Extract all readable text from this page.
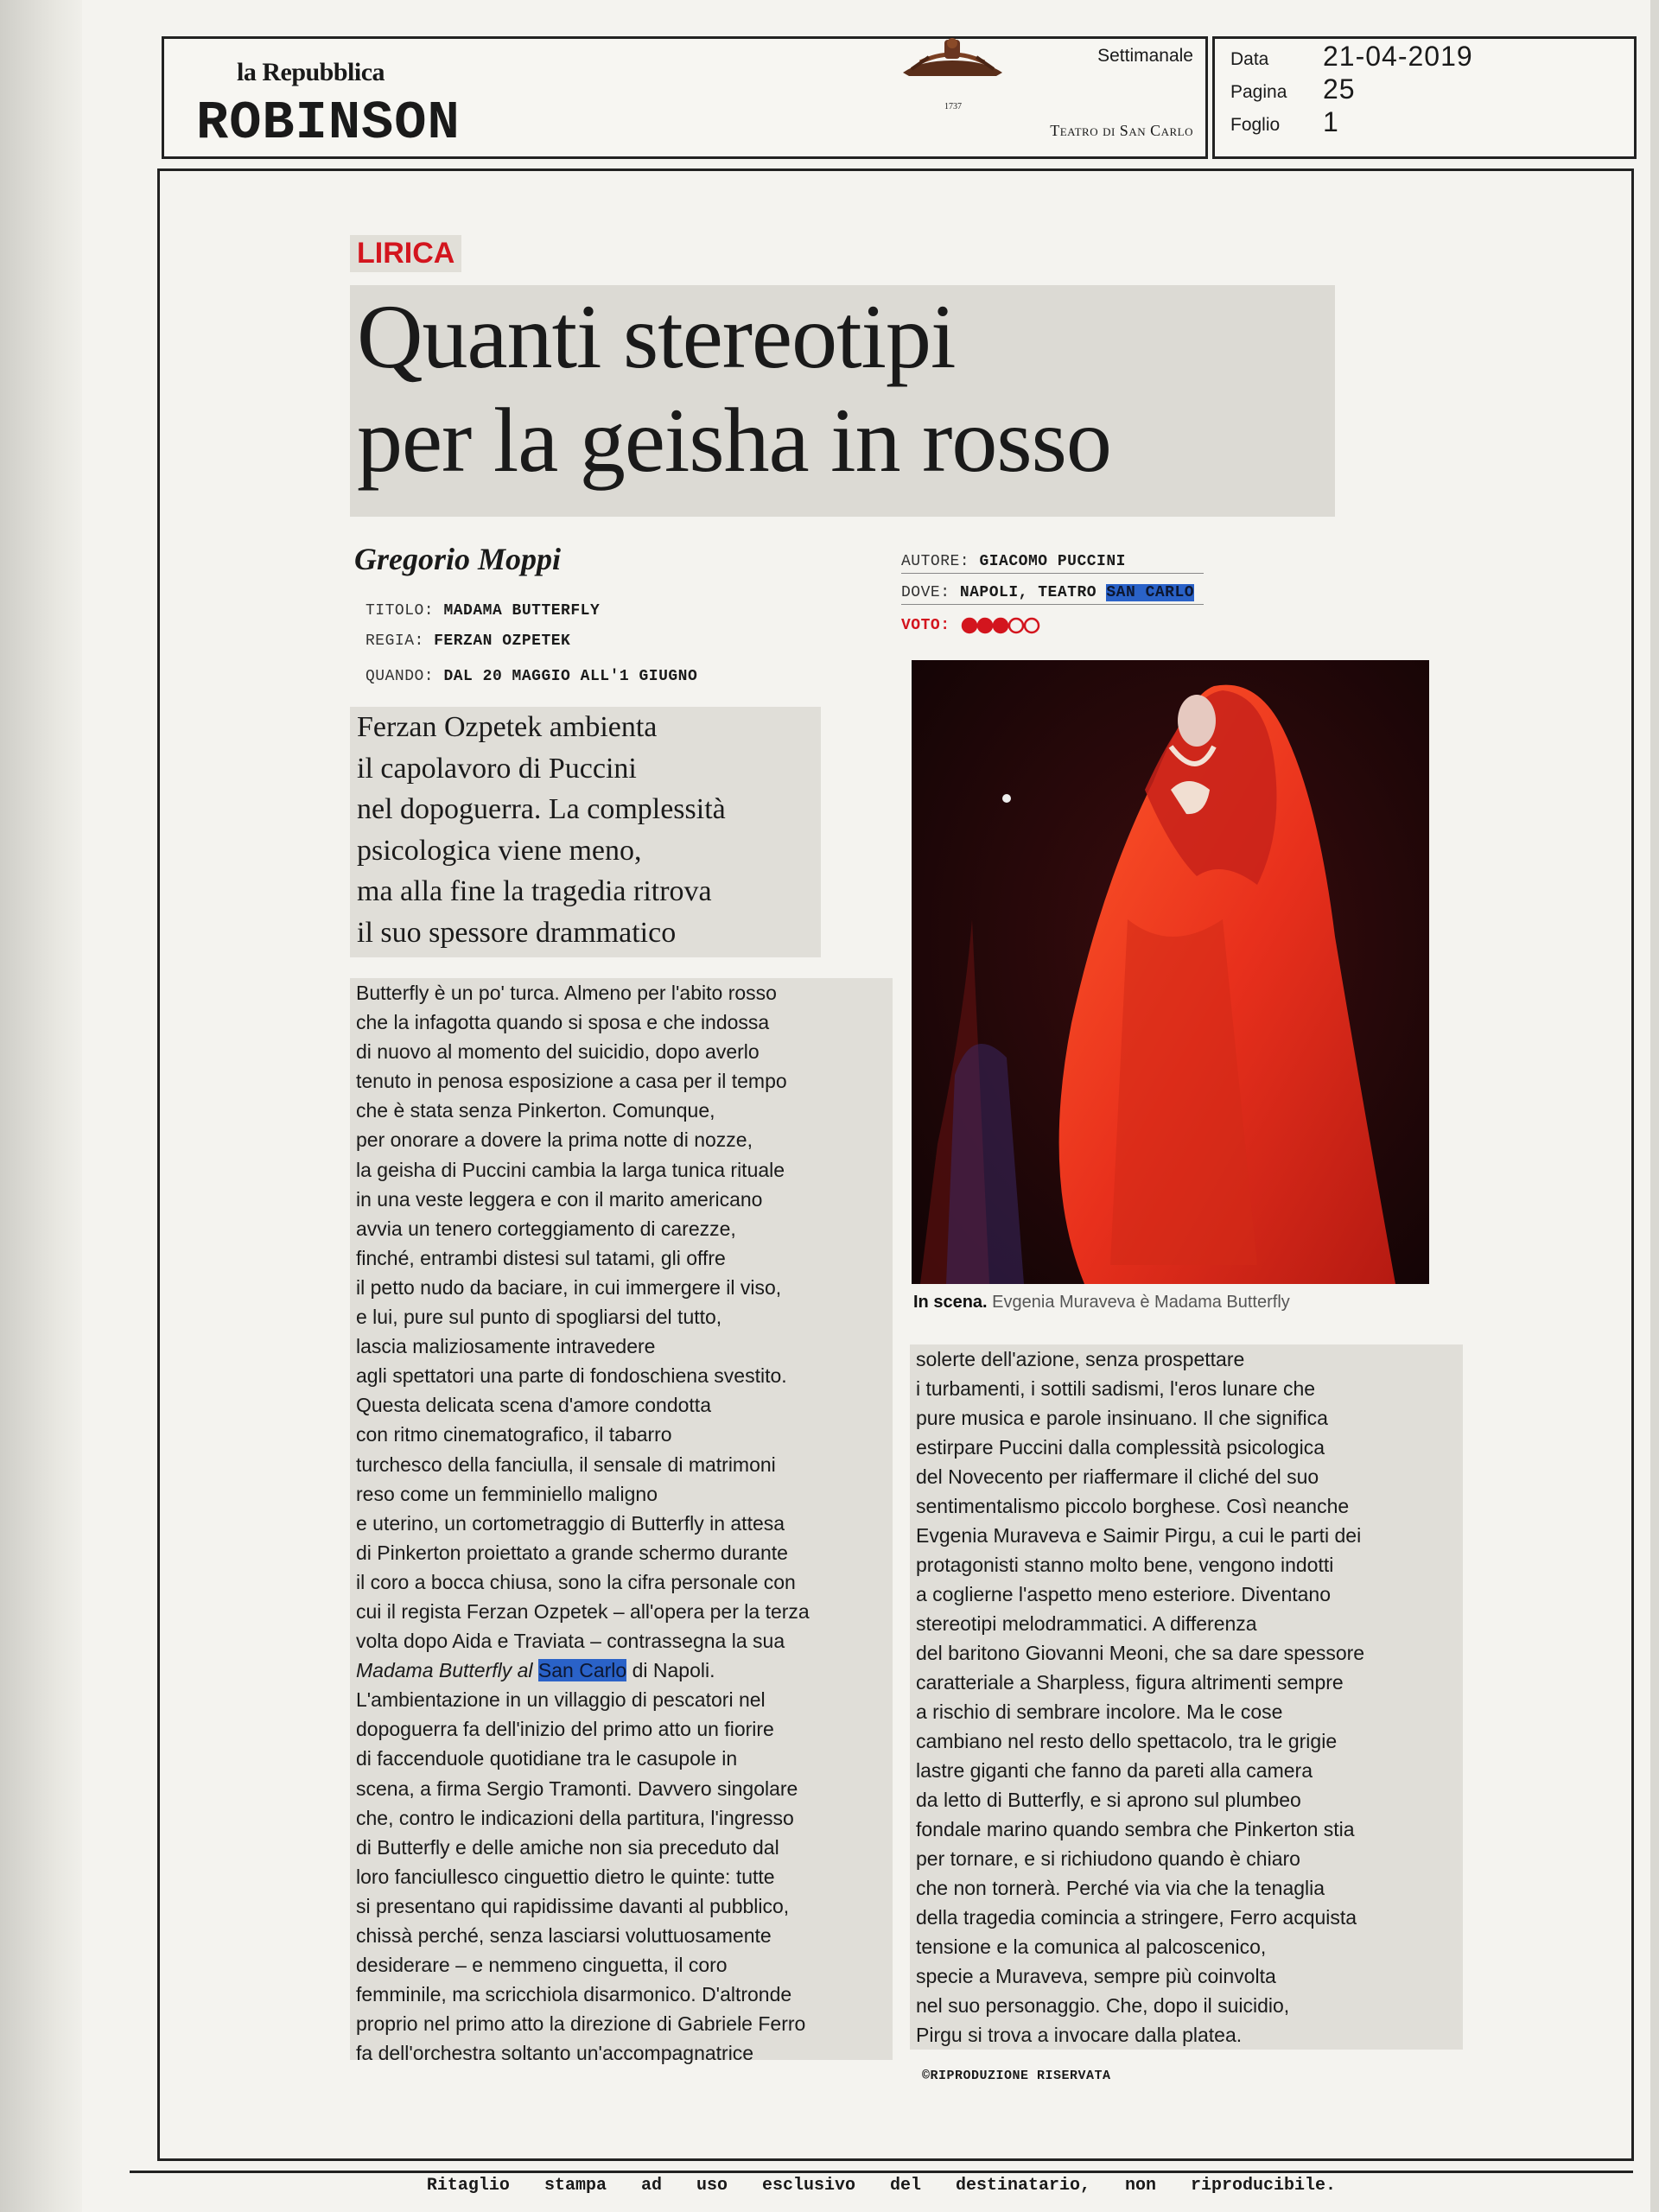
la Repubblica
ROBINSON
Settimanale
Teatro di San Carlo
1737
Data 21-04-2019
Pagina 25
Foglio 1
LIRICA
Quanti stereotipi
per la geisha in rosso
Gregorio Moppi
TITOLO: MADAMA BUTTERFLY
REGIA: FERZAN OZPETEK
QUANDO: DAL 20 MAGGIO ALL'1 GIUGNO
AUTORE: GIACOMO PUCCINI
DOVE: NAPOLI, TEATRO SAN CARLO
VOTO:
Ferzan Ozpetek ambienta
il capolavoro di Puccini
nel dopoguerra. La complessità
psicologica viene meno,
ma alla fine la tragedia ritrova
il suo spessore drammatico
Butterfly è un po' turca. Almeno per l'abito rosso
che la infagotta quando si sposa e che indossa
di nuovo al momento del suicidio, dopo averlo
tenuto in penosa esposizione a casa per il tempo
che è stata senza Pinkerton. Comunque,
per onorare a dovere la prima notte di nozze,
la geisha di Puccini cambia la larga tunica rituale
in una veste leggera e con il marito americano
avvia un tenero corteggiamento di carezze,
finché, entrambi distesi sul tatami, gli offre
il petto nudo da baciare, in cui immergere il viso,
e lui, pure sul punto di spogliarsi del tutto,
lascia maliziosamente intravedere
agli spettatori una parte di fondoschiena svestito.
Questa delicata scena d'amore condotta
con ritmo cinematografico, il tabarro
turchesco della fanciulla, il sensale di matrimoni
reso come un femminiello maligno
e uterino, un cortometraggio di Butterfly in attesa
di Pinkerton proiettato a grande schermo durante
il coro a bocca chiusa, sono la cifra personale con
cui il regista Ferzan Ozpetek – all'opera per la terza
volta dopo Aida e Traviata – contrassegna la sua
Madama Butterfly al San Carlo di Napoli.
L'ambientazione in un villaggio di pescatori nel
dopoguerra fa dell'inizio del primo atto un fiorire
di faccenduole quotidiane tra le casupole in
scena, a firma Sergio Tramonti. Davvero singolare
che, contro le indicazioni della partitura, l'ingresso
di Butterfly e delle amiche non sia preceduto dal
loro fanciullesco cinguettio dietro le quinte: tutte
si presentano qui rapidissime davanti al pubblico,
chissà perché, senza lasciarsi voluttuosamente
desiderare – e nemmeno cinguetta, il coro
femminile, ma scricchiola disarmonico. D'altronde
proprio nel primo atto la direzione di Gabriele Ferro
fa dell'orchestra soltanto un'accompagnatrice
In scena. Evgenia Muraveva è Madama Butterfly
solerte dell'azione, senza prospettare
i turbamenti, i sottili sadismi, l'eros lunare che
pure musica e parole insinuano. Il che significa
estirpare Puccini dalla complessità psicologica
del Novecento per riaffermare il cliché del suo
sentimentalismo piccolo borghese. Così neanche
Evgenia Muraveva e Saimir Pirgu, a cui le parti dei
protagonisti stanno molto bene, vengono indotti
a coglierne l'aspetto meno esteriore. Diventano
stereotipi melodrammatici. A differenza
del baritono Giovanni Meoni, che sa dare spessore
caratteriale a Sharpless, figura altrimenti sempre
a rischio di sembrare incolore. Ma le cose
cambiano nel resto dello spettacolo, tra le grigie
lastre giganti che fanno da pareti alla camera
da letto di Butterfly, e si aprono sul plumbeo
fondale marino quando sembra che Pinkerton stia
per tornare, e si richiudono quando è chiaro
che non tornerà. Perché via via che la tenaglia
della tragedia comincia a stringere, Ferro acquista
tensione e la comunica al palcoscenico,
specie a Muraveva, sempre più coinvolta
nel suo personaggio. Che, dopo il suicidio,
Pirgu si trova a invocare dalla platea.
©RIPRODUZIONE RISERVATA
Ritaglio stampa ad uso esclusivo del destinatario, non riproducibile.
